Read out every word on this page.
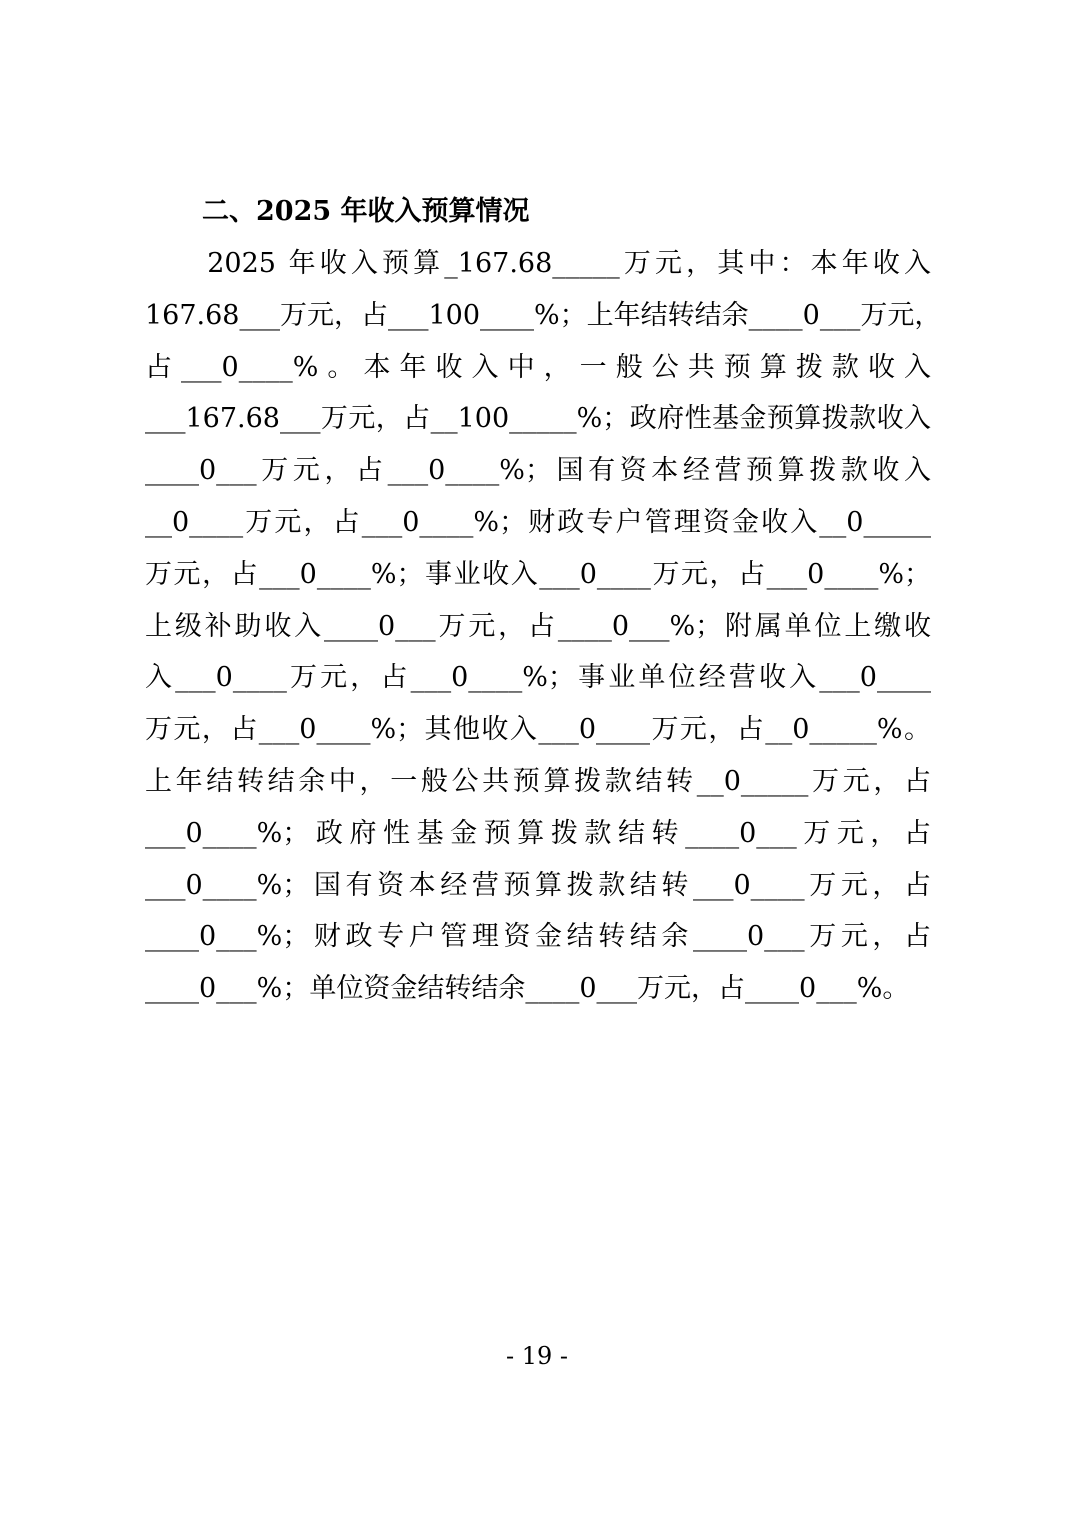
二、2025 年收入预算情况
　　2025 年收入预算_167.68_____万元，其中：本年收入
167.68___万元，占___100____%；上年结转结余____0___万元，
占___0____%。本年收入中，一般公共预算拨款收入
___167.68___万元，占__100_____%；政府性基金预算拨款收入
____0___万元，占___0____%；国有资本经营预算拨款收入
__0____万元，占___0____%；财政专户管理资金收入__0_____
万元，占___0____%；事业收入___0____万元，占___0____%；
上级补助收入____0___万元，占____0___%；附属单位上缴收
入___0____万元，占___0____%；事业单位经营收入___0____
万元，占___0____%；其他收入___0____万元，占__0_____%。
上年结转结余中，一般公共预算拨款结转__0_____万元，占
___0____%；政府性基金预算拨款结转____0___万元，占
___0____%；国有资本经营预算拨款结转___0____万元，占
____0___%；财政专户管理资金结转结余____0___万元，占
____0___%；单位资金结转结余____0___万元，占____0___%。
- 19 -
